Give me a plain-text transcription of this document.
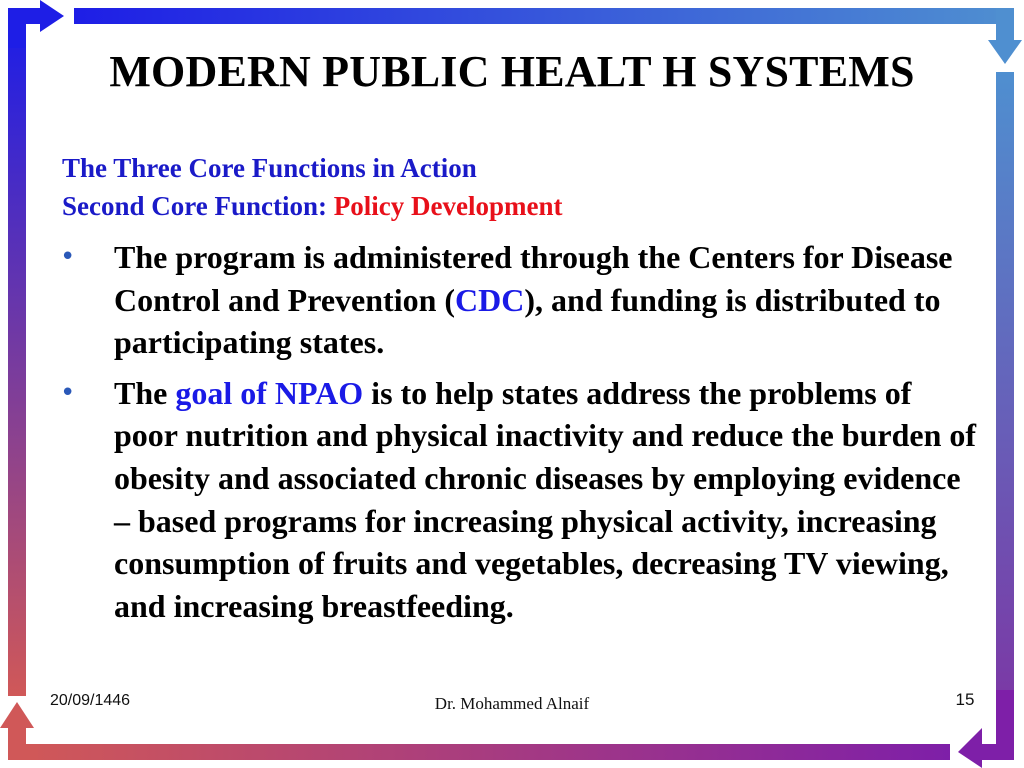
MODERN PUBLIC HEALT H SYSTEMS
The Three Core Functions in Action
Second Core Function: Policy Development
• The program is administered through the Centers for Disease Control and Prevention (CDC), and funding is distributed to participating states.
• The goal of NPAO is to help states address the problems of poor nutrition and physical inactivity and reduce the burden of obesity and associated chronic diseases by employing evidence – based programs for increasing physical activity, increasing consumption of fruits and vegetables, decreasing TV viewing, and increasing breastfeeding.
20/09/1446	Dr. Mohammed Alnaif	15
